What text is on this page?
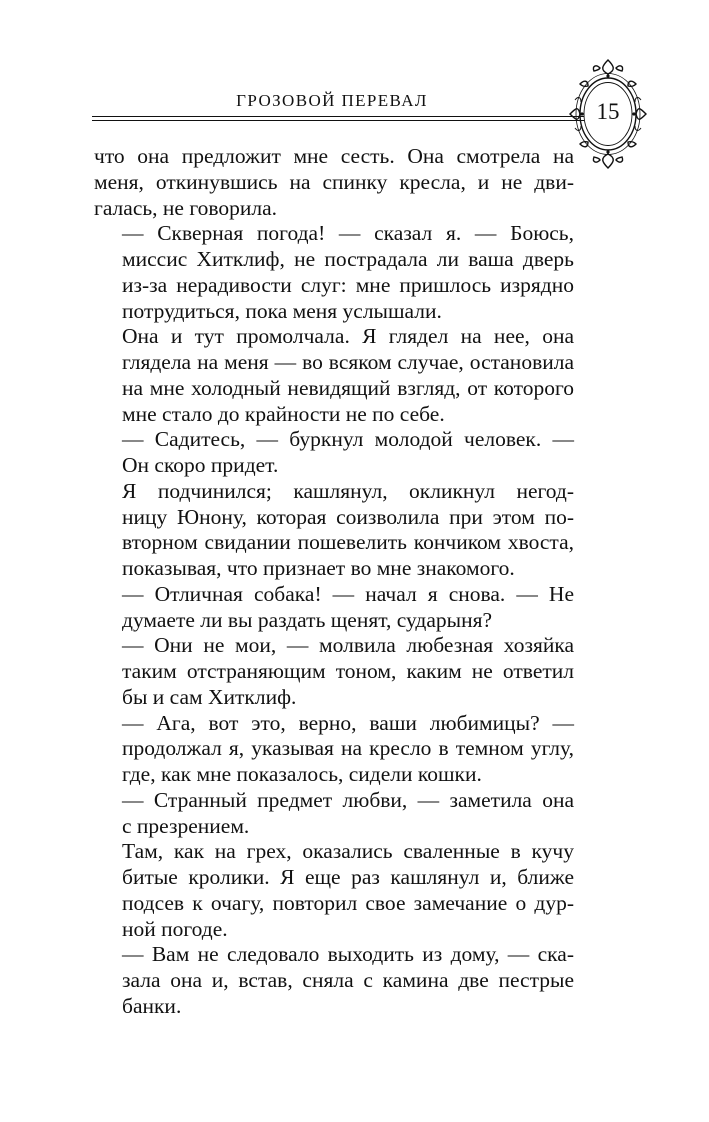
ГРОЗОВОЙ ПЕРЕВАЛ	15

что она предложит мне сесть. Она смотрела на
меня, откинувшись на спинку кресла, и не дви-
галась, не говорила.

— Скверная погода! — сказал я. — Боюсь,
миссис Хитклиф, не пострадала ли ваша дверь
из-за нерадивости слуг: мне пришлось изрядно
потрудиться, пока меня услышали.

Она и тут промолчала. Я глядел на нее, она
глядела на меня — во всяком случае, остановила
на мне холодный невидящий взгляд, от которого
мне стало до крайности не по себе.

— Садитесь, — буркнул молодой человек. —
Он скоро придет.

Я подчинился; кашлянул, окликнул негод-
ницу Юнону, которая соизволила при этом по-
вторном свидании пошевелить кончиком хвоста,
показывая, что признает во мне знакомого.

— Отличная собака! — начал я снова. — Не
думаете ли вы раздать щенят, сударыня?

— Они не мои, — молвила любезная хозяйка
таким отстраняющим тоном, каким не ответил
бы и сам Хитклиф.

— Ага, вот это, верно, ваши любимицы? —
продолжал я, указывая на кресло в темном углу,
где, как мне показалось, сидели кошки.

— Странный предмет любви, — заметила она
с презрением.

Там, как на грех, оказались сваленные в кучу
битые кролики. Я еще раз кашлянул и, ближе
подсев к очагу, повторил свое замечание о дур-
ной погоде.

— Вам не следовало выходить из дому, — ска-
зала она и, встав, сняла с камина две пестрые
банки.
